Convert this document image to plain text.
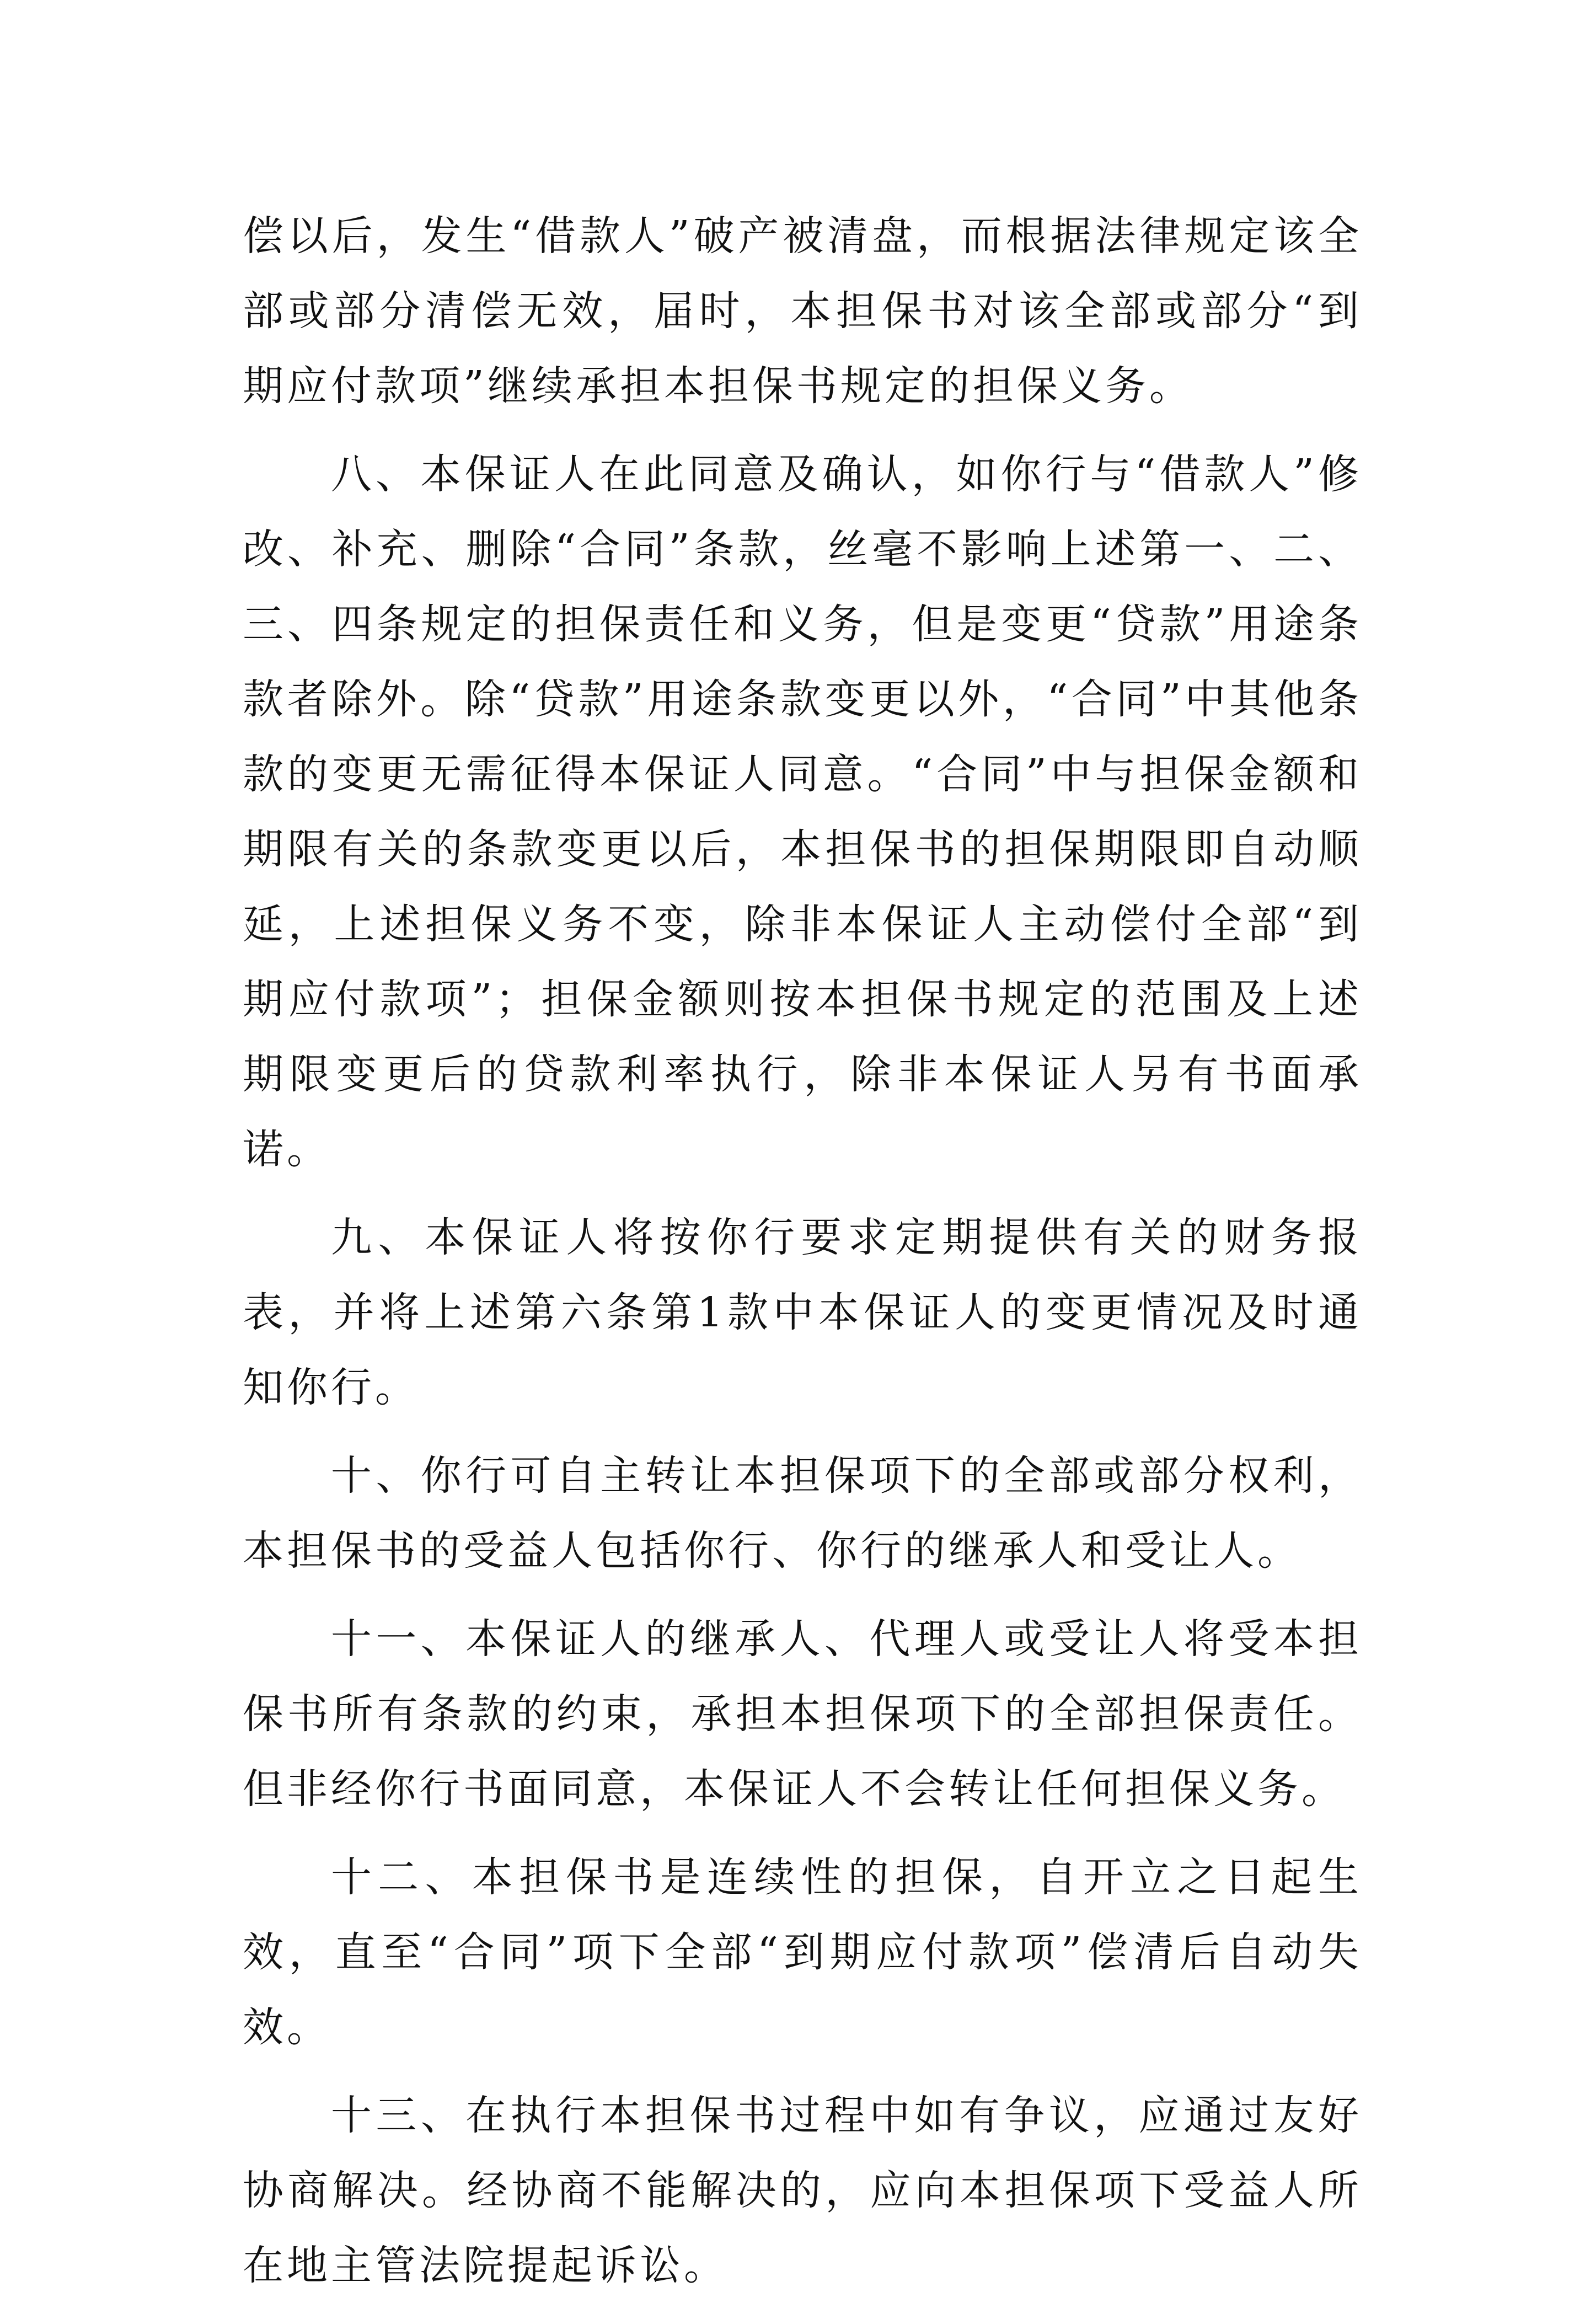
偿以后，发生“借款人”破产被清盘，而根据法律规定该全部或部分清偿无效，届时，本担保书对该全部或部分“到期应付款项”继续承担本担保书规定的担保义务。

八、本保证人在此同意及确认，如你行与“借款人”修改、补充、删除“合同”条款，丝毫不影响上述第一、二、三、四条规定的担保责任和义务，但是变更“贷款”用途条款者除外。除“贷款”用途条款变更以外，“合同”中其他条款的变更无需征得本保证人同意。“合同”中与担保金额和期限有关的条款变更以后，本担保书的担保期限即自动顺延，上述担保义务不变，除非本保证人主动偿付全部“到期应付款项”；担保金额则按本担保书规定的范围及上述期限变更后的贷款利率执行，除非本保证人另有书面承诺。

九、本保证人将按你行要求定期提供有关的财务报表，并将上述第六条第1款中本保证人的变更情况及时通知你行。

十、你行可自主转让本担保项下的全部或部分权利，本担保书的受益人包括你行、你行的继承人和受让人。

十一、本保证人的继承人、代理人或受让人将受本担保书所有条款的约束，承担本担保项下的全部担保责任。但非经你行书面同意，本保证人不会转让任何担保义务。

十二、本担保书是连续性的担保，自开立之日起生效，直至“合同”项下全部“到期应付款项”偿清后自动失效。

十三、在执行本担保书过程中如有争议，应通过友好协商解决。经协商不能解决的，应向本担保项下受益人所在地主管法院提起诉讼。
